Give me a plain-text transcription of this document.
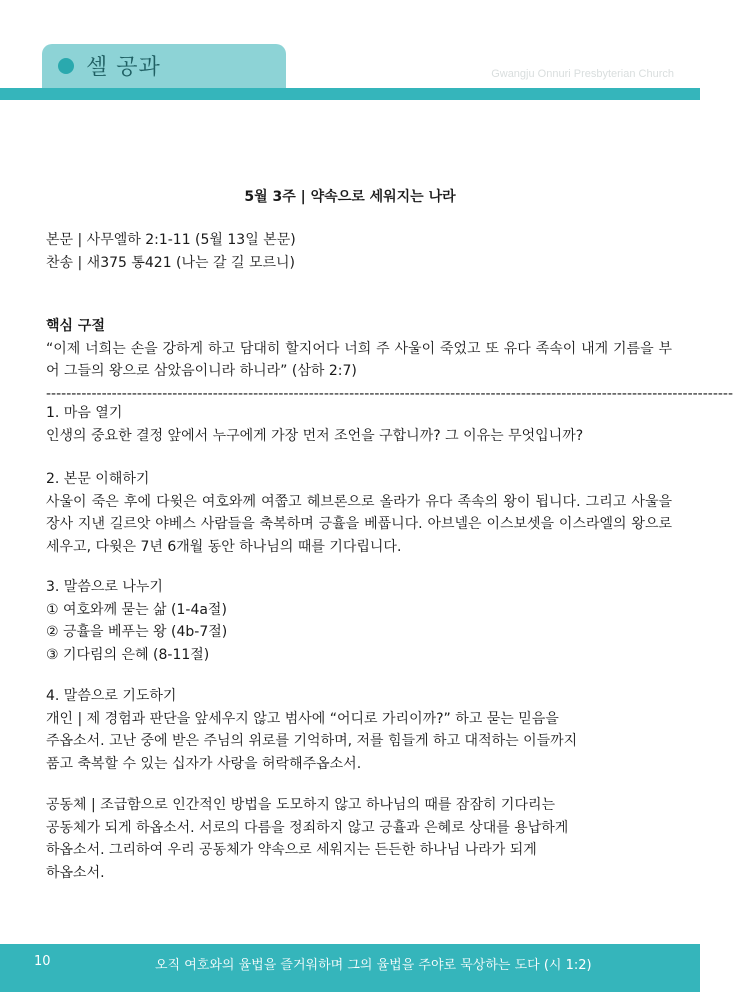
셀 공과	Gwangju Onnuri Presbyterian Church
5월 3주 | 약속으로 세워지는 나라
본문 | 사무엘하 2:1-11 (5월 13일 본문)
찬송 | 새375 통421 (나는 갈 길 모르니)
핵심 구절
“이제 너희는 손을 강하게 하고 담대히 할지어다 너희 주 사울이 죽었고 또 유다 족속이 내게 기름을 부어 그들의 왕으로 삼았음이니라 하니라” (삼하 2:7)
----------------------------------------------------------------------------------------------------------------------------------------
1. 마음 열기
인생의 중요한 결정 앞에서 누구에게 가장 먼저 조언을 구합니까? 그 이유는 무엇입니까?
2. 본문 이해하기
사울이 죽은 후에 다윗은 여호와께 여쭙고 헤브론으로 올라가 유다 족속의 왕이 됩니다. 그리고 사울을 장사 지낸 길르앗 야베스 사람들을 축복하며 긍휼을 베풉니다. 아브넬은 이스보셋을 이스라엘의 왕으로 세우고, 다윗은 7년 6개월 동안 하나님의 때를 기다립니다.
3. 말씀으로 나누기
① 여호와께 묻는 삶 (1-4a절)
② 긍휼을 베푸는 왕 (4b-7절)
③ 기다림의 은혜 (8-11절)
4. 말씀으로 기도하기
개인 | 제 경험과 판단을 앞세우지 않고 범사에 “어디로 가리이까?” 하고 묻는 믿음을
주옵소서. 고난 중에 받은 주님의 위로를 기억하며, 저를 힘들게 하고 대적하는 이들까지
품고 축복할 수 있는 십자가 사랑을 허락해주옵소서.
공동체 | 조급함으로 인간적인 방법을 도모하지 않고 하나님의 때를 잠잠히 기다리는
공동체가 되게 하옵소서. 서로의 다름을 정죄하지 않고 긍휼과 은혜로 상대를 용납하게
하옵소서. 그리하여 우리 공동체가 약속으로 세워지는 든든한 하나님 나라가 되게
하옵소서.
10	오직 여호와의 율법을 즐거워하며 그의 율법을 주야로 묵상하는 도다 (시 1:2)
